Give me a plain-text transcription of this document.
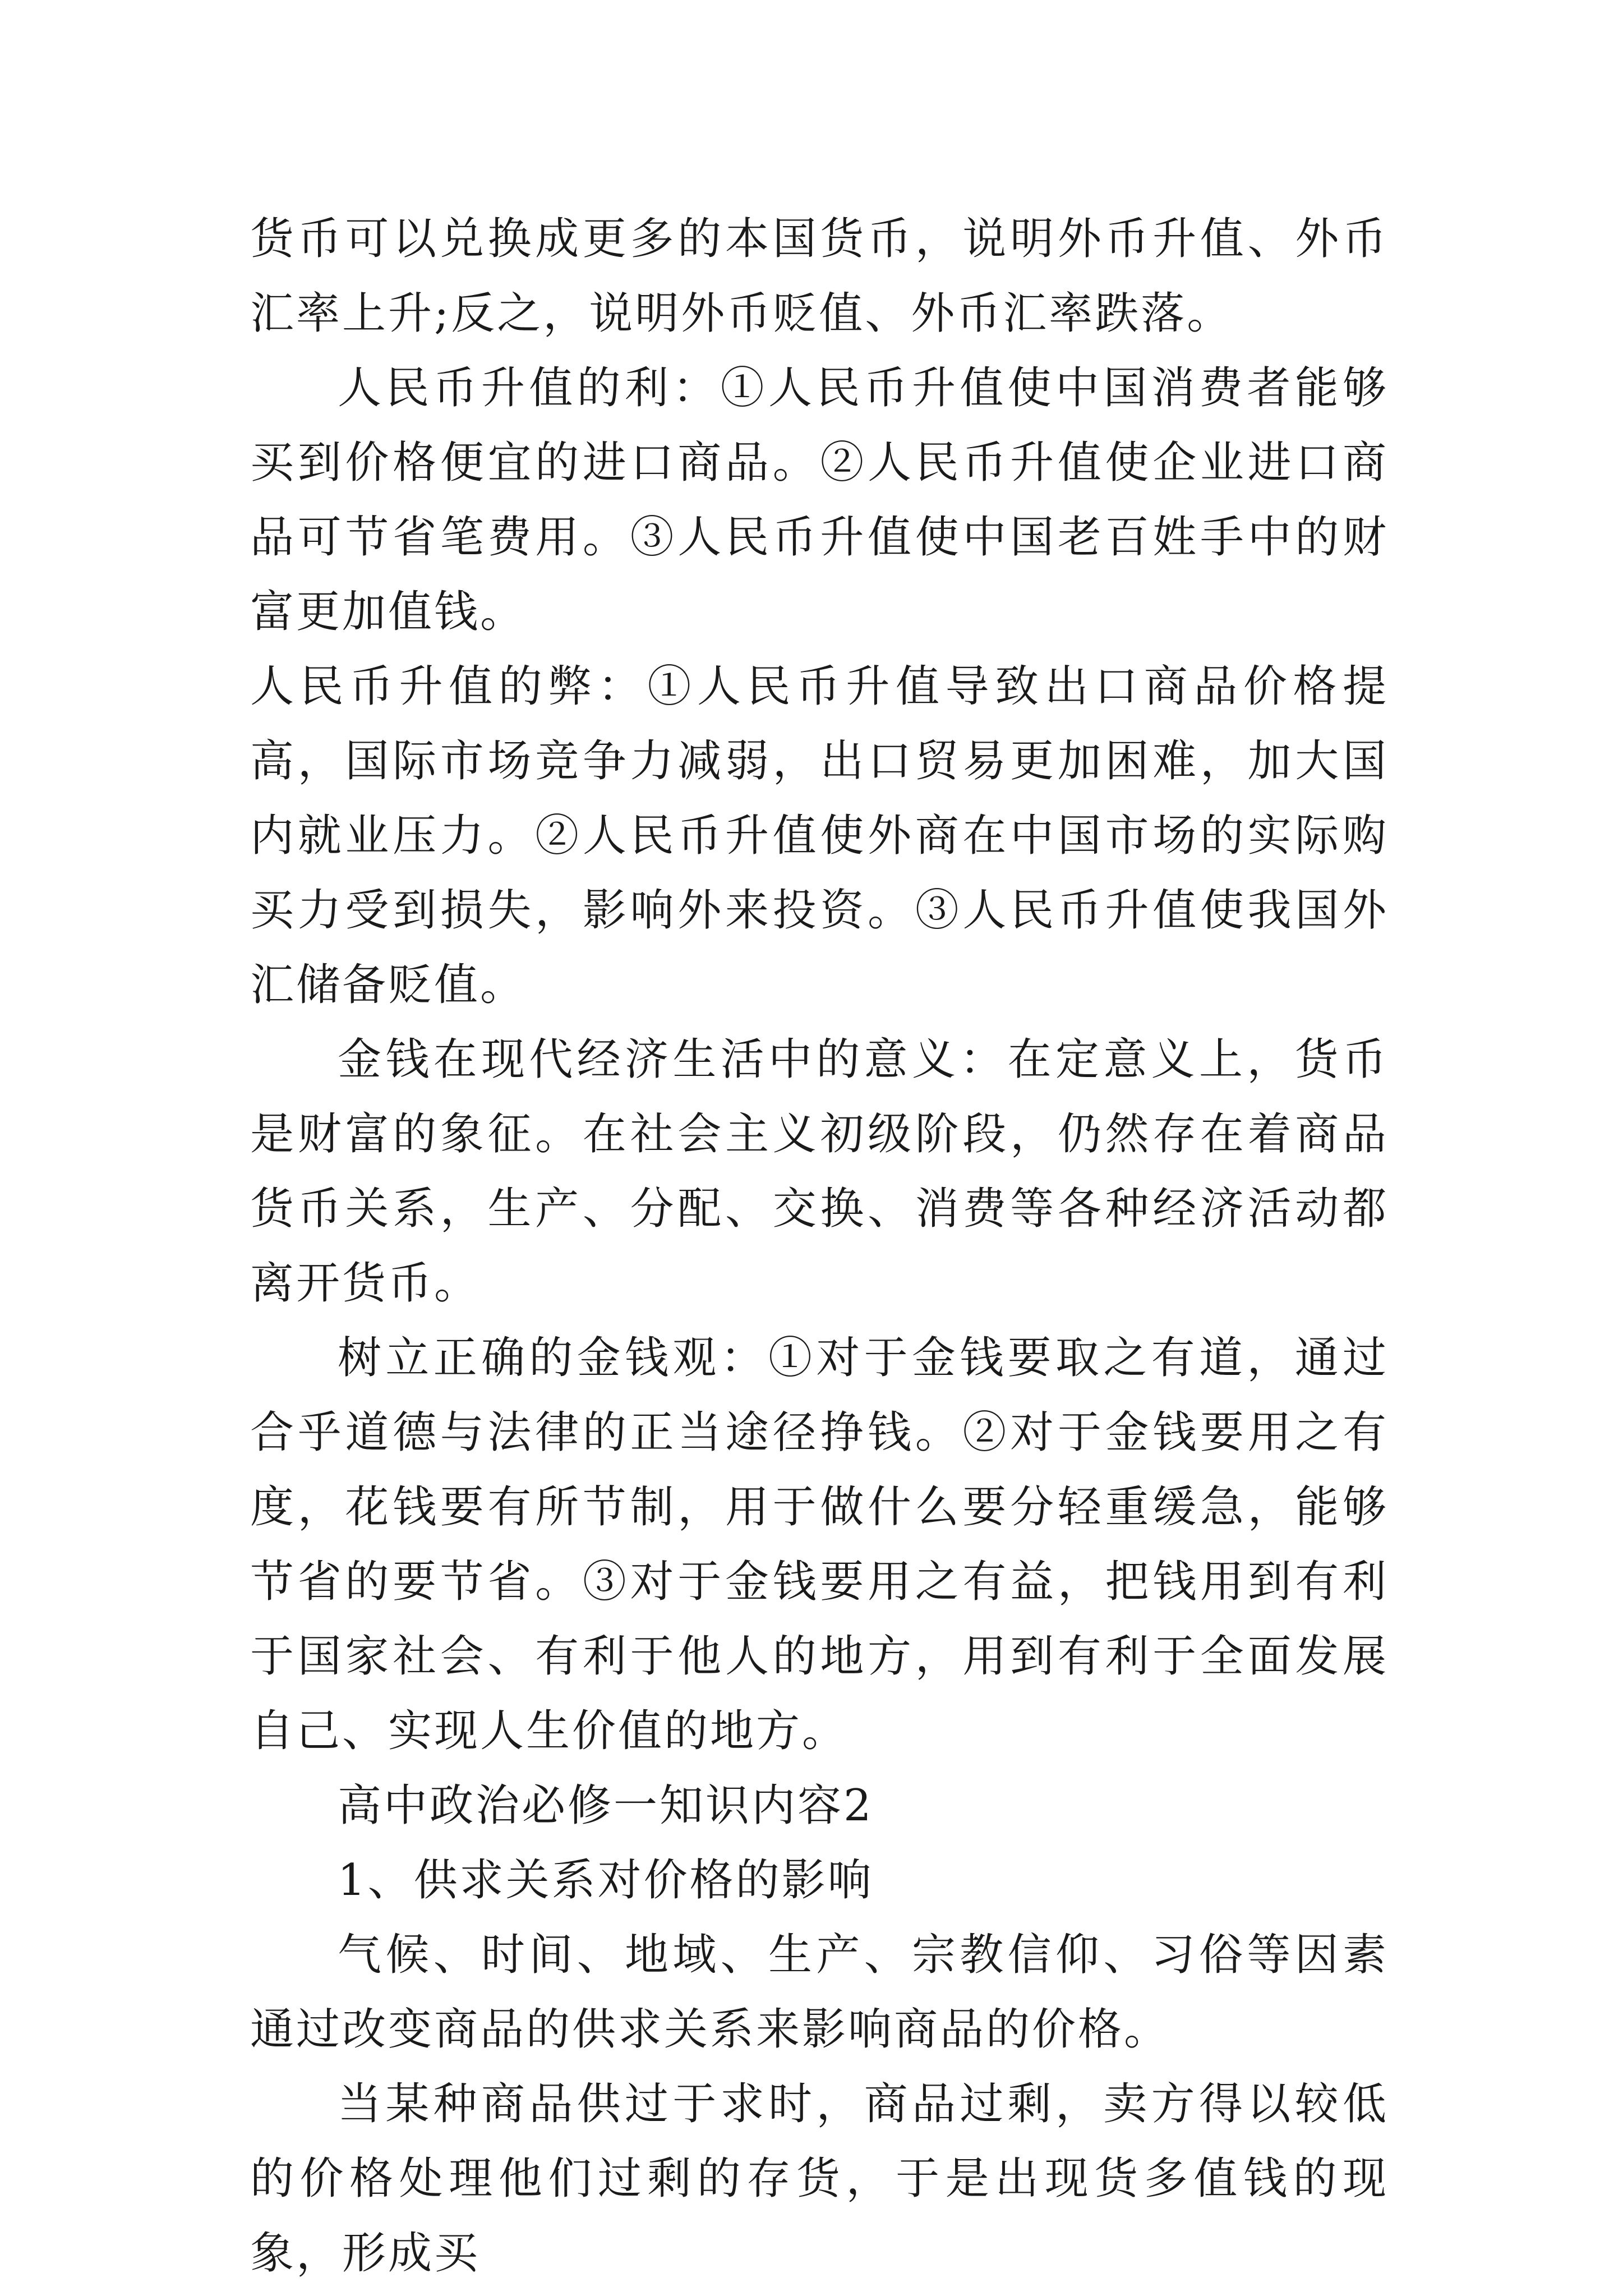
货币可以兑换成更多的本国货币，说明外币升值、外币汇率上升;反之，说明外币贬值、外币汇率跌落。

人民币升值的利：①人民币升值使中国消费者能够买到价格便宜的进口商品。②人民币升值使企业进口商品可节省笔费用。③人民币升值使中国老百姓手中的财富更加值钱。

人民币升值的弊：①人民币升值导致出口商品价格提高，国际市场竞争力减弱，出口贸易更加困难，加大国内就业压力。②人民币升值使外商在中国市场的实际购买力受到损失，影响外来投资。③人民币升值使我国外汇储备贬值。

金钱在现代经济生活中的意义：在定意义上，货币是财富的象征。在社会主义初级阶段，仍然存在着商品货币关系，生产、分配、交换、消费等各种经济活动都离开货币。

树立正确的金钱观：①对于金钱要取之有道，通过合乎道德与法律的正当途径挣钱。②对于金钱要用之有度，花钱要有所节制，用于做什么要分轻重缓急，能够节省的要节省。③对于金钱要用之有益，把钱用到有利于国家社会、有利于他人的地方，用到有利于全面发展自己、实现人生价值的地方。

高中政治必修一知识内容2

1、供求关系对价格的影响

气候、时间、地域、生产、宗教信仰、习俗等因素通过改变商品的供求关系来影响商品的价格。

当某种商品供过于求时，商品过剩，卖方得以较低的价格处理他们过剩的存货，于是出现货多值钱的现象，形成买
